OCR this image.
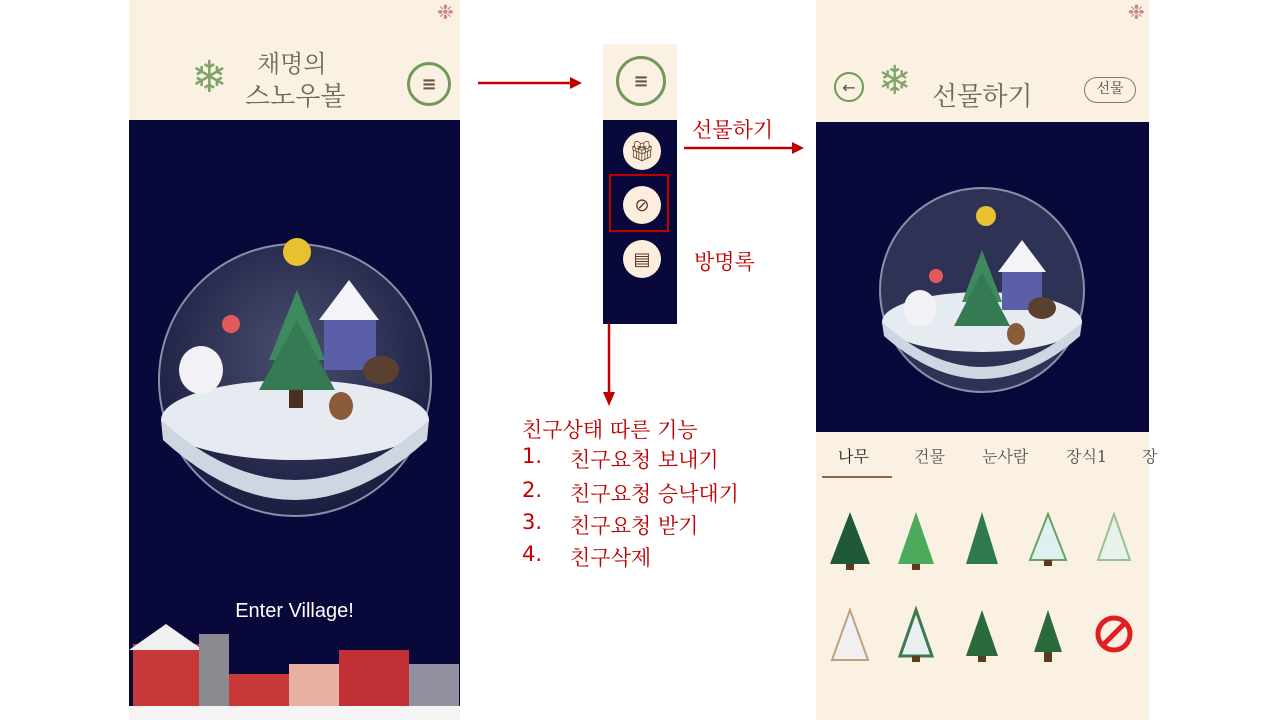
❄ 채명의
스노우볼	≡
❉
Enter Village!
≡
🎁︎
⊘
▤
선물하기
방명록
친구상태 따른 기능
1. 친구요청 보내기
2. 친구요청 승낙대기
3. 친구요청 받기
4. 친구삭제
← ❄ 선물하기	선물
❉
나무	건물 눈사람 장식1 장
